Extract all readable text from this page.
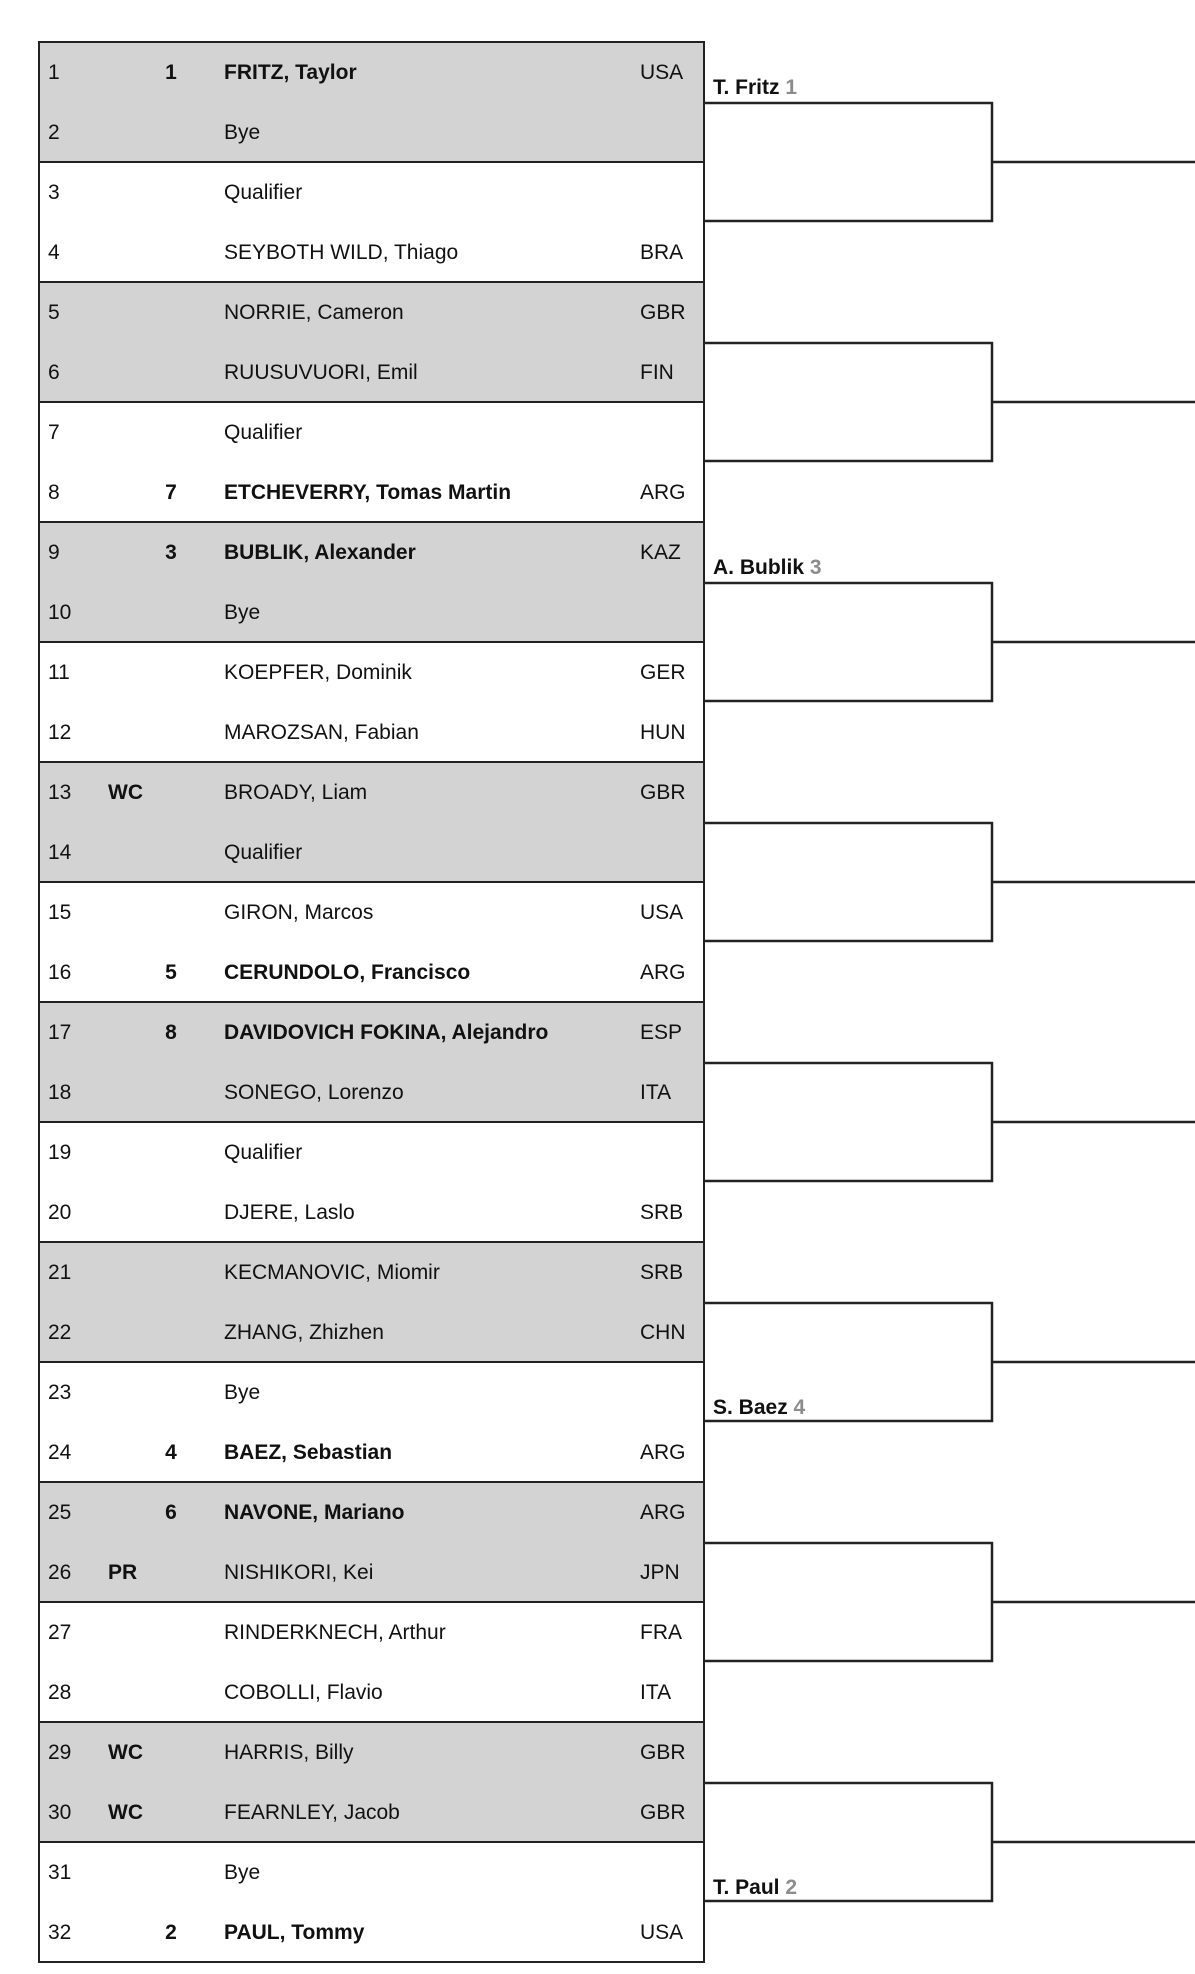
1	1 FRITZ, Taylor	USA
2	Bye
3	Qualifier
4	SEYBOTH WILD, Thiago	BRA
5	NORRIE, Cameron	GBR
6	RUUSUVUORI, Emil	FIN
7	Qualifier
8	7 ETCHEVERRY, Tomas Martin	ARG
9	3 BUBLIK, Alexander	KAZ
10	Bye
11	KOEPFER, Dominik	GER
12	MAROZSAN, Fabian	HUN
13 WC	BROADY, Liam	GBR
14	Qualifier
15	GIRON, Marcos	USA
16	5 CERUNDOLO, Francisco	ARG
17	8 DAVIDOVICH FOKINA, Alejandro	ESP
18	SONEGO, Lorenzo	ITA
19	Qualifier
20	DJERE, Laslo	SRB
21	KECMANOVIC, Miomir	SRB
22	ZHANG, Zhizhen	CHN
23	Bye
24	4 BAEZ, Sebastian	ARG
25	6 NAVONE, Mariano	ARG
26 PR	NISHIKORI, Kei	JPN
27	RINDERKNECH, Arthur	FRA
28	COBOLLI, Flavio	ITA
29 WC	HARRIS, Billy	GBR
30 WC	FEARNLEY, Jacob	GBR
31	Bye
32	2 PAUL, Tommy	USA
T. Fritz 1
A. Bublik 3
S. Baez 4
T. Paul 2
